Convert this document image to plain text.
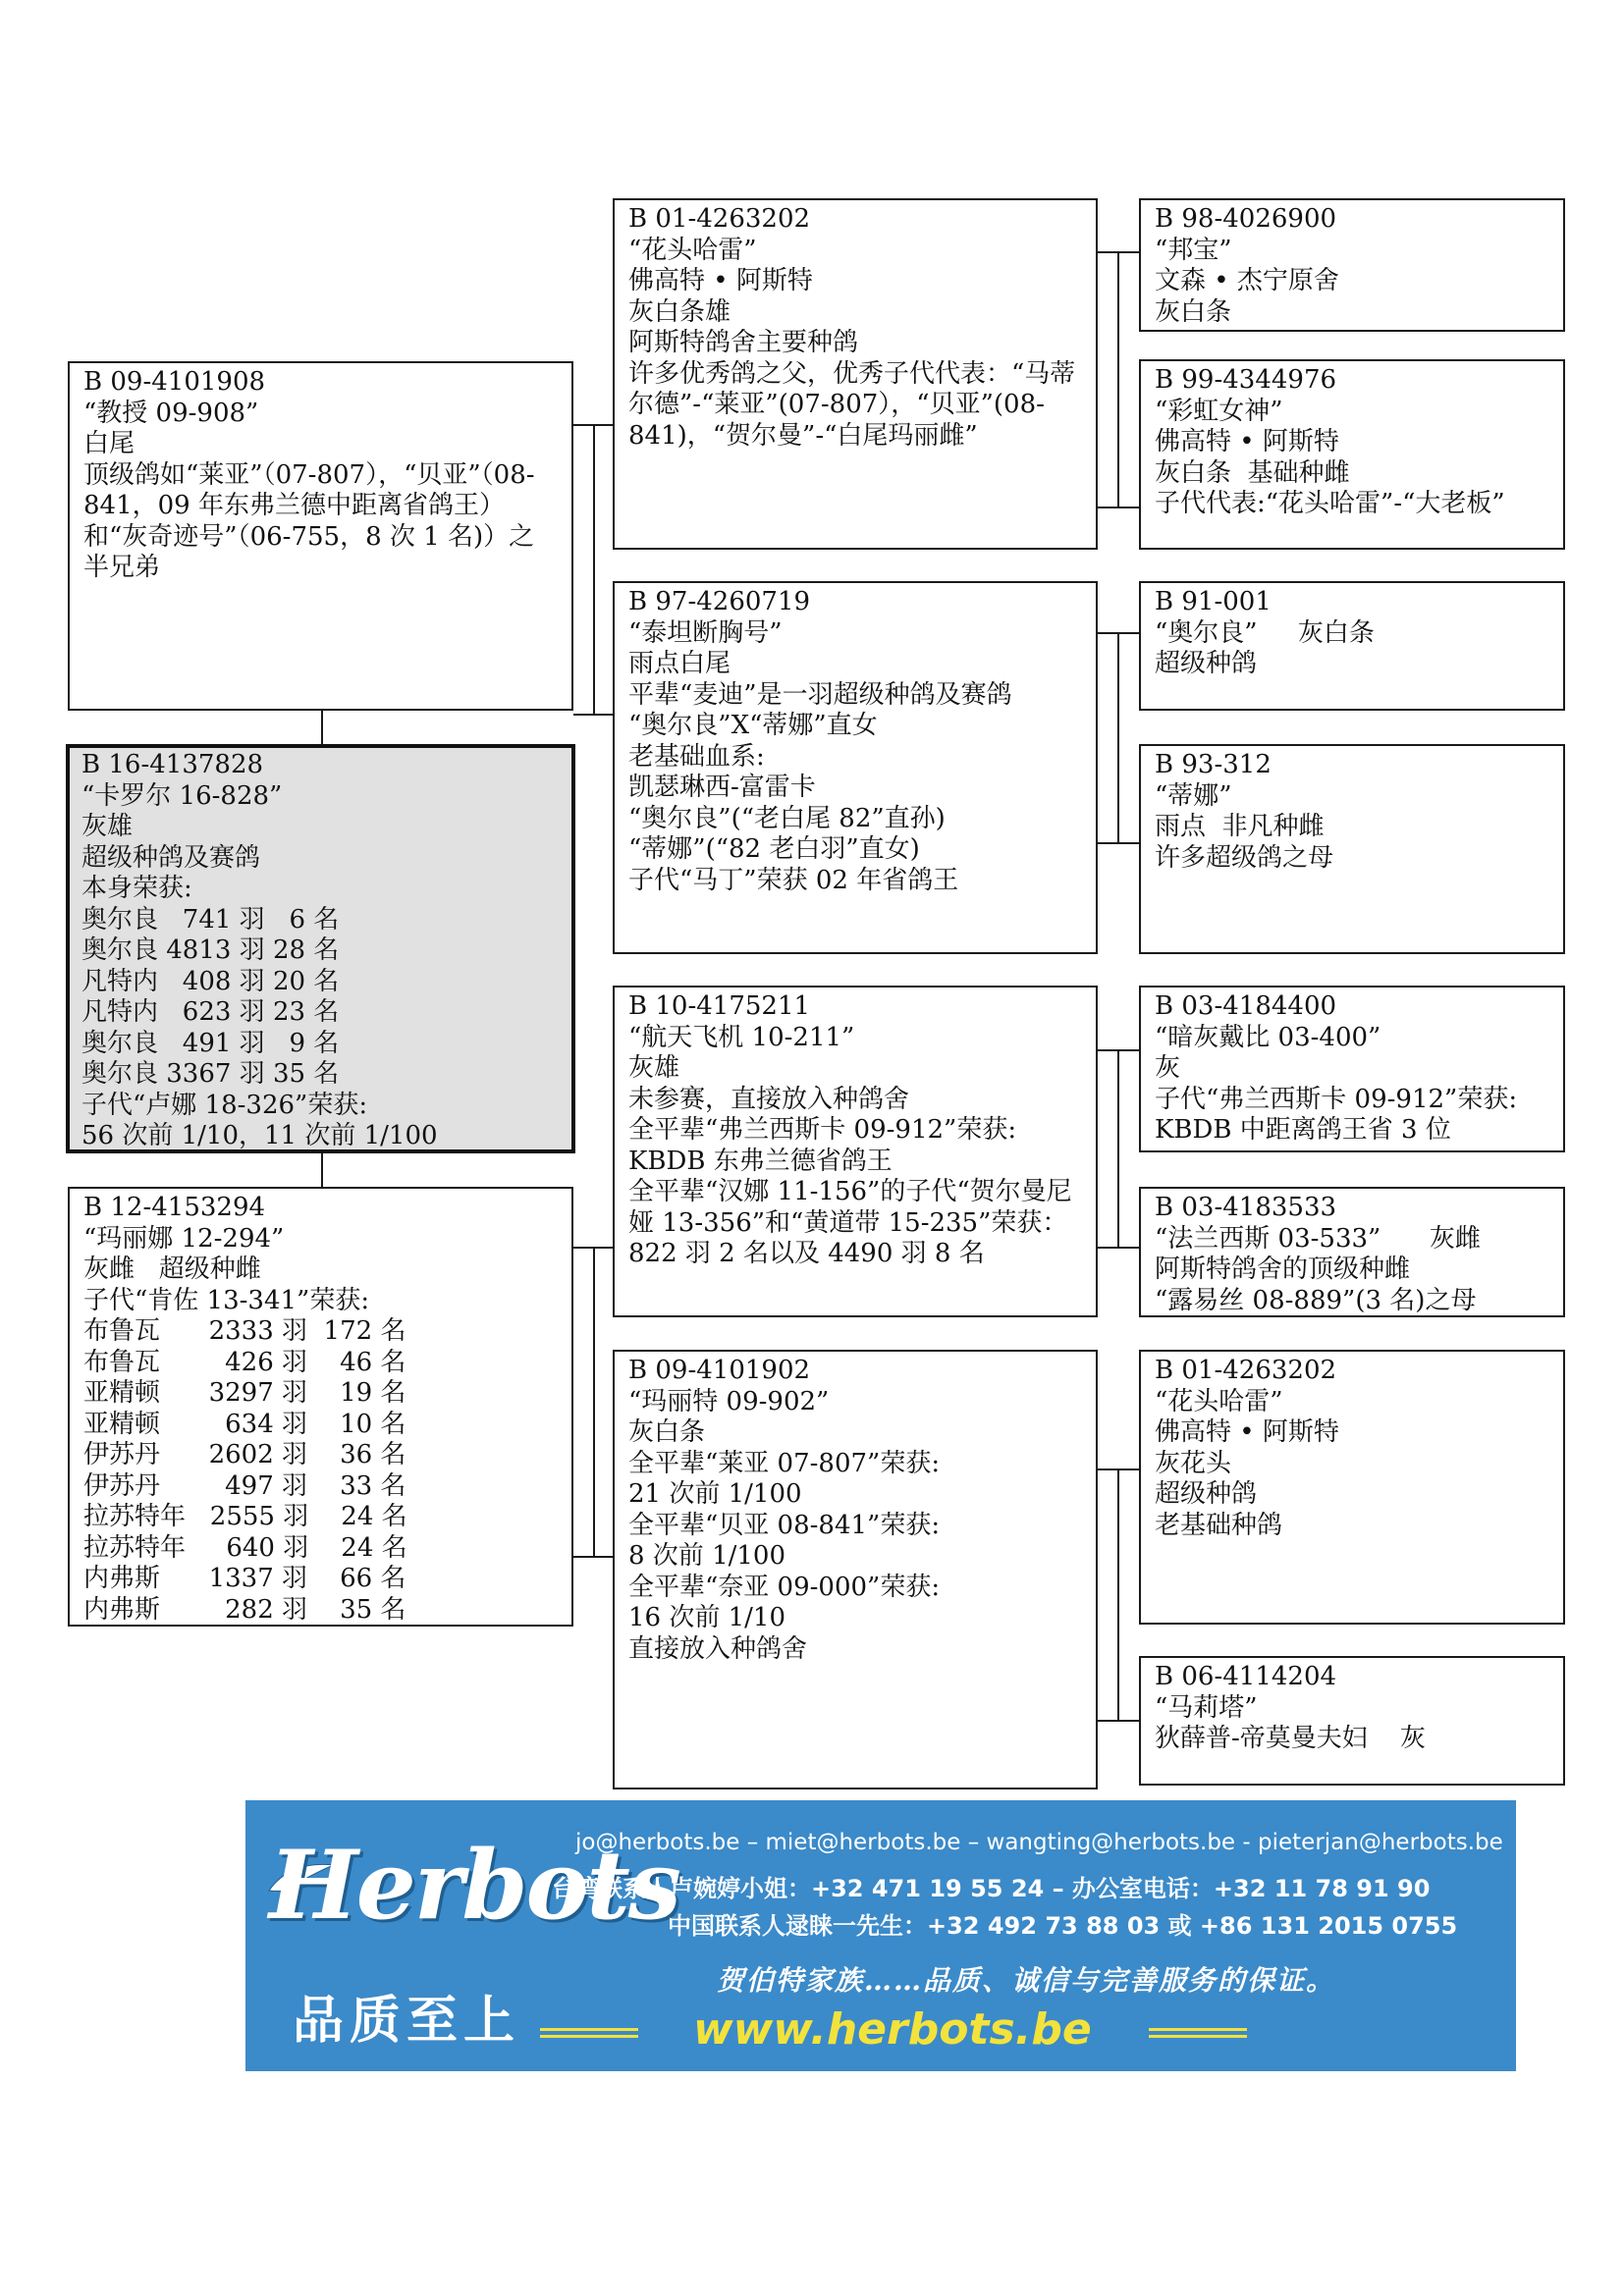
B 09-4101908
“教授 09-908”
白尾
顶级鸽如“莱亚”（07-807），“贝亚”（08-841，09 年东弗兰德中距离省鸽王） 和“灰奇迹号”（06-755，8 次 1 名)）之半兄弟
B 16-4137828
“卡罗尔 16-828”
灰雄
超级种鸽及赛鸽
本身荣获:
奥尔良   741 羽   6 名
奥尔良 4813 羽 28 名
凡特内   408 羽 20 名
凡特内   623 羽 23 名
奥尔良   491 羽   9 名
奥尔良 3367 羽 35 名
子代“卢娜 18-326”荣获:
56 次前 1/10，11 次前 1/100
B 12-4153294
“玛丽娜 12-294”
灰雌   超级种雌
子代“肯佐 13-341”荣获:
布鲁瓦      2333 羽  172 名
布鲁瓦        426 羽    46 名
亚精顿      3297 羽    19 名
亚精顿        634 羽    10 名
伊苏丹      2602 羽    36 名
伊苏丹        497 羽    33 名
拉苏特年   2555 羽    24 名
拉苏特年     640 羽    24 名
内弗斯      1337 羽    66 名
内弗斯        282 羽    35 名
B 01-4263202
“花头哈雷”
佛高特 • 阿斯特
灰白条雄
阿斯特鸽舍主要种鸽
许多优秀鸽之父，优秀子代代表：“马蒂尔德”-“莱亚”(07-807），“贝亚”(08-841)，“贺尔曼”-“白尾玛丽雌”
B 97-4260719
“泰坦断胸号”
雨点白尾
平辈“麦迪”是一羽超级种鸽及赛鸽
“奥尔良”X“蒂娜”直女
老基础血系:
凯瑟琳西-富雷卡
“奥尔良”(“老白尾 82”直孙)
“蒂娜”(“82 老白羽”直女)
子代“马丁”荣获 02 年省鸽王
B 10-4175211
“航天飞机 10-211”
灰雄
未参赛，直接放入种鸽舍
全平辈“弗兰西斯卡 09-912”荣获:
KBDB 东弗兰德省鸽王
全平辈“汉娜 11-156”的子代“贺尔曼尼娅 13-356”和“黄道带 15-235”荣获：822 羽 2 名以及 4490 羽 8 名
B 09-4101902
“玛丽特 09-902”
灰白条
全平辈“莱亚 07-807”荣获:
21 次前 1/100
全平辈“贝亚 08-841”荣获:
8 次前 1/100
全平辈“奈亚 09-000”荣获:
16 次前 1/10
直接放入种鸽舍
B 98-4026900
“邦宝”
文森 • 杰宁原舍
灰白条
B 99-4344976
“彩虹女神”
佛高特 • 阿斯特
灰白条  基础种雌
子代代表:“花头哈雷”-“大老板”
B 91-001
“奥尔良”     灰白条
超级种鸽
B 93-312
“蒂娜”
雨点  非凡种雌
许多超级鸽之母
B 03-4184400
“暗灰戴比 03-400”
灰
子代“弗兰西斯卡 09-912”荣获:
KBDB 中距离鸽王省 3 位
B 03-4183533
“法兰西斯 03-533”      灰雌
阿斯特鸽舍的顶级种雌
“露易丝 08-889”(3 名)之母
B 01-4263202
“花头哈雷”
佛高特 • 阿斯特
灰花头
超级种鸽
老基础种鸽
B 06-4114204
“马莉塔”
狄薛普-帝莫曼夫妇    灰
Herbots
品质至上
jo@herbots.be – miet@herbots.be – wangting@herbots.be - pieterjan@herbots.be
台湾联系人卢婉婷小姐：+32 471 19 55 24 – 办公室电话：+32 11 78 91 90
中国联系人逯睐一先生：+32 492 73 88 03 或 +86 131 2015 0755
贺伯特家族……品质、诚信与完善服务的保证。
www.herbots.be
